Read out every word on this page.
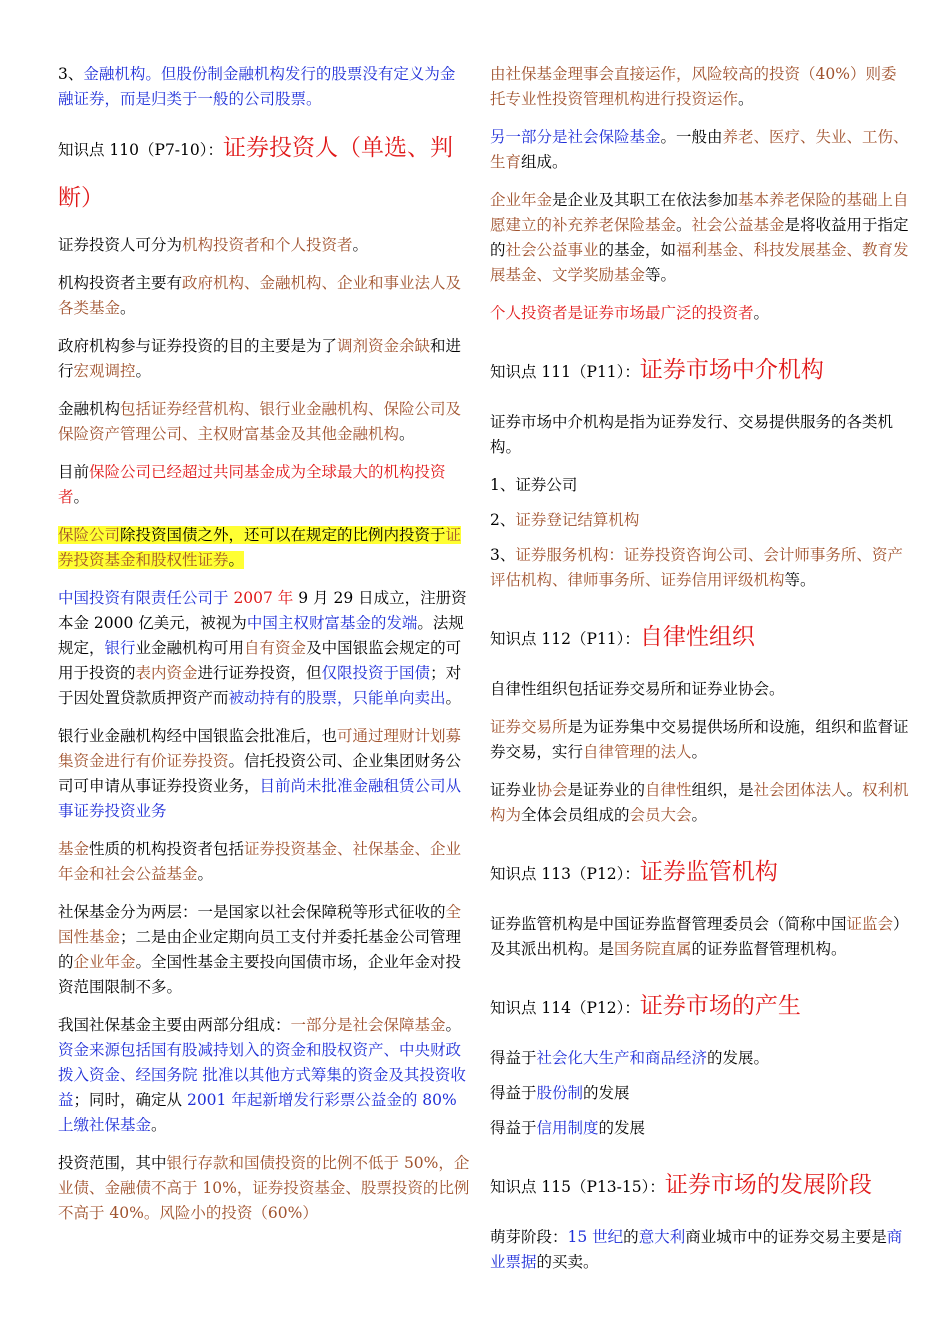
3、金融机构。但股份制金融机构发行的股票没有定义为金融证券，而是归类于一般的公司股票。

知识点 110（P7-10）：证券投资人（单选、判断）

证券投资人可分为机构投资者和个人投资者。

机构投资者主要有政府机构、金融机构、企业和事业法人及各类基金。

政府机构参与证券投资的目的主要是为了调剂资金余缺和进行宏观调控。

金融机构包括证券经营机构、银行业金融机构、保险公司及保险资产管理公司、主权财富基金及其他金融机构。

目前保险公司已经超过共同基金成为全球最大的机构投资者。

保险公司除投资国债之外，还可以在规定的比例内投资于证券投资基金和股权性证券。

中国投资有限责任公司于 2007 年 9 月 29 日成立，注册资本金 2000 亿美元，被视为中国主权财富基金的发端。法规规定，银行业金融机构可用自有资金及中国银监会规定的可用于投资的表内资金进行证券投资，但仅限投资于国债；对于因处置贷款质押资产而被动持有的股票，只能单向卖出。

银行业金融机构经中国银监会批准后，也可通过理财计划募集资金进行有价证券投资。信托投资公司、企业集团财务公司可申请从事证券投资业务，目前尚未批准金融租赁公司从事证券投资业务

基金性质的机构投资者包括证券投资基金、社保基金、企业年金和社会公益基金。

社保基金分为两层：一是国家以社会保障税等形式征收的全国性基金；二是由企业定期向员工支付并委托基金公司管理的企业年金。全国性基金主要投向国债市场，企业年金对投资范围限制不多。

我国社保基金主要由两部分组成：一部分是社会保障基金。资金来源包括国有股减持划入的资金和股权资产、中央财政拨入资金、经国务院 批准以其他方式筹集的资金及其投资收益；同时，确定从 2001 年起新增发行彩票公益金的 80%上缴社保基金。

投资范围，其中银行存款和国债投资的比例不低于 50%，企业债、金融债不高于 10%，证券投资基金、股票投资的比例不高于 40%。风险小的投资（60%）

由社保基金理事会直接运作，风险较高的投资（40%）则委托专业性投资管理机构进行投资运作。

另一部分是社会保险基金。一般由养老、医疗、失业、工伤、生育组成。

企业年金是企业及其职工在依法参加基本养老保险的基础上自愿建立的补充养老保险基金。社会公益基金是将收益用于指定的社会公益事业的基金，如福利基金、科技发展基金、教育发展基金、文学奖励基金等。

个人投资者是证券市场最广泛的投资者。

知识点 111（P11）：证券市场中介机构

证券市场中介机构是指为证券发行、交易提供服务的各类机构。

1、证券公司

2、证券登记结算机构

3、证券服务机构：证券投资咨询公司、会计师事务所、资产评估机构、律师事务所、证券信用评级机构等。

知识点 112（P11）：自律性组织

自律性组织包括证券交易所和证券业协会。

证券交易所是为证券集中交易提供场所和设施，组织和监督证券交易，实行自律管理的法人。

证券业协会是证券业的自律性组织，是社会团体法人。权利机构为全体会员组成的会员大会。

知识点 113（P12）：证券监管机构

证券监管机构是中国证券监督管理委员会（简称中国证监会）及其派出机构。是国务院直属的证券监督管理机构。

知识点 114（P12）：证券市场的产生

得益于社会化大生产和商品经济的发展。

得益于股份制的发展

得益于信用制度的发展

知识点 115（P13-15）：证券市场的发展阶段

萌芽阶段：15 世纪的意大利商业城市中的证券交易主要是商业票据的买卖。
